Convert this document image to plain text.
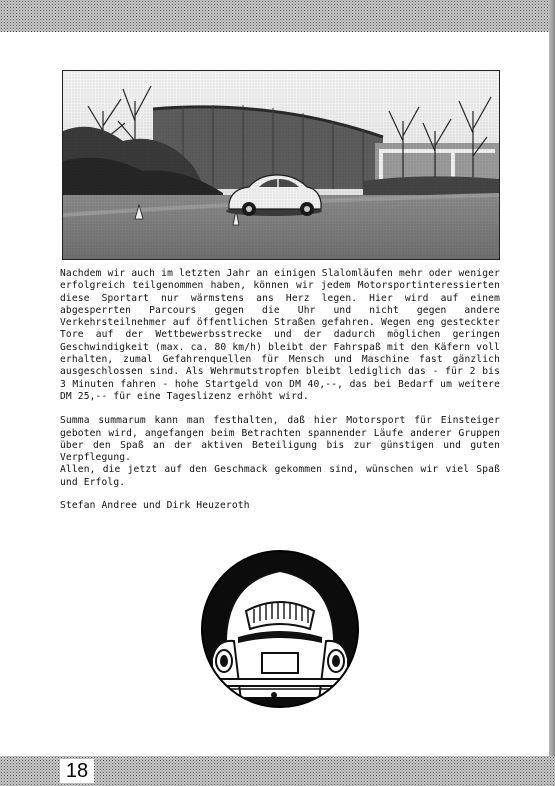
Nachdem wir auch im letzten Jahr an einigen Slalomläufen mehr oder weniger erfolgreich teilgenommen haben, können wir jedem Motorsportinteressierten diese Sportart nur wärmstens ans Herz legen. Hier wird auf einem abgesperrten Parcours gegen die Uhr und nicht gegen andere Verkehrsteilnehmer auf öffentlichen Straßen gefahren. Wegen eng gesteckter Tore auf der Wettbewerbsstrecke und der dadurch möglichen geringen Geschwindigkeit (max. ca. 80 km/h) bleibt der Fahrspaß mit den Käfern voll erhalten, zumal Gefahrenquellen für Mensch und Maschine fast gänzlich ausgeschlossen sind. Als Wehrmutstropfen bleibt lediglich das - für 2 bis 3 Minuten fahren - hohe Startgeld von DM 40,--, das bei Bedarf um weitere DM 25,-- für eine Tageslizenz erhöht wird.

Summa summarum kann man festhalten, daß hier Motorsport für Einsteiger geboten wird, angefangen beim Betrachten spannender Läufe anderer Gruppen über den Spaß an der aktiven Beteiligung bis zur günstigen und guten Verpflegung.

Allen, die jetzt auf den Geschmack gekommen sind, wünschen wir viel Spaß und Erfolg.

Stefan Andree und Dirk Heuzeroth

18
